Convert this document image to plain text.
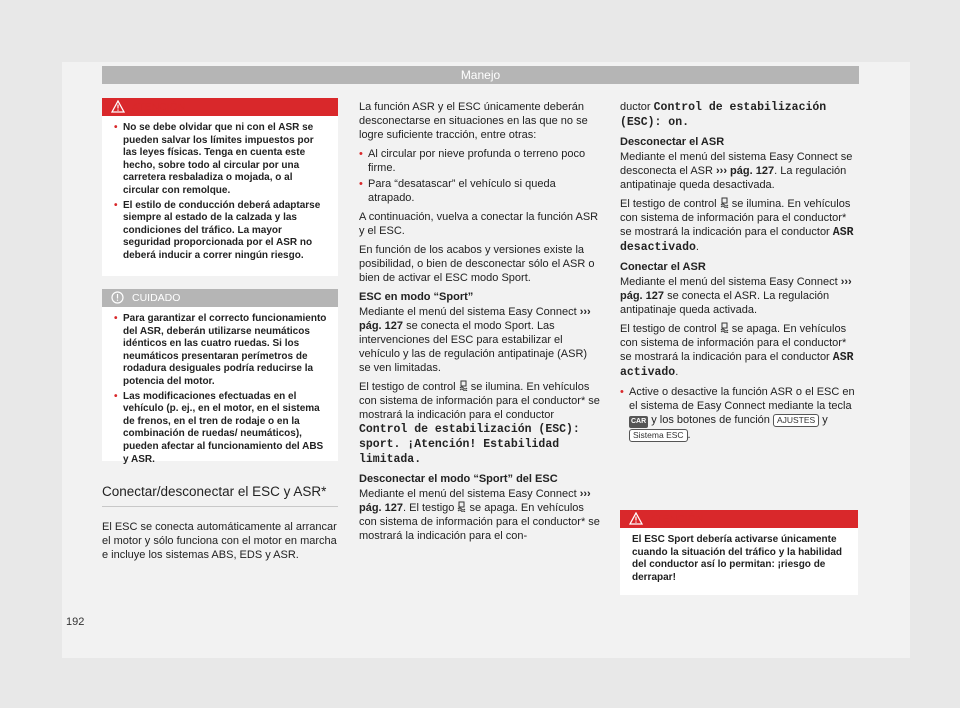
Manejo
ATENCIÓN
• No se debe olvidar que ni con el ASR se pueden salvar los límites impuestos por las leyes físicas. Tenga en cuenta este hecho, sobre todo al circular por una carretera resbaladiza o mojada, o al circular con remolque.
• El estilo de conducción deberá adaptarse siempre al estado de la calzada y las condiciones del tráfico. La mayor seguridad proporcionada por el ASR no deberá inducir a correr ningún riesgo.
CUIDADO
• Para garantizar el correcto funcionamiento del ASR, deberán utilizarse neumáticos idénticos en las cuatro ruedas. Si los neumáticos presentaran perímetros de rodadura desiguales podría reducirse la potencia del motor.
• Las modificaciones efectuadas en el vehículo (p. ej., en el motor, en el sistema de frenos, en el tren de rodaje o en la combinación de ruedas/ neumáticos), pueden afectar al funcionamiento del ABS y ASR.
Conectar/desconectar el ESC y ASR*
El ESC se conecta automáticamente al arrancar el motor y sólo funciona con el motor en marcha e incluye los sistemas ABS, EDS y ASR.

La función ASR y el ESC únicamente deberán desconectarse en situaciones en las que no se logre suficiente tracción, entre otras:

• Al circular por nieve profunda o terreno poco firme.
• Para “desatascar” el vehículo si queda atrapado.

A continuación, vuelva a conectar la función ASR y el ESC.

En función de los acabos y versiones existe la posibilidad, o bien de desconectar sólo el ASR o bien de activar el ESC modo Sport.

ESC en modo “Sport”

Mediante el menú del sistema Easy Connect ››› pág. 127 se conecta el modo Sport. Las intervenciones del ESC para estabilizar el vehículo y las de regulación antipatinaje (ASR) se ven limitadas.

El testigo de control se ilumina. En vehículos con sistema de información para el conductor* se mostrará la indicación para el conductor Control de estabilización (ESC): sport. ¡Atención! Estabilidad limitada.

Desconectar el modo “Sport” del ESC

Mediante el menú del sistema Easy Connect ››› pág. 127. El testigo se apaga. En vehículos con sistema de información para el conductor* se mostrará la indicación para el con-

ductor Control de estabilización (ESC): on.

Desconectar el ASR

Mediante el menú del sistema Easy Connect se desconecta el ASR ››› pág. 127. La regulación antipatinaje queda desactivada.

El testigo de control se ilumina. En vehículos con sistema de información para el conductor* se mostrará la indicación para el conductor ASR desactivado.

Conectar el ASR

Mediante el menú del sistema Easy Connect ››› pág. 127 se conecta el ASR. La regulación antipatinaje queda activada.

El testigo de control se apaga. En vehículos con sistema de información para el conductor* se mostrará la indicación para el conductor ASR activado.

• Active o desactive la función ASR o el ESC en el sistema de Easy Connect mediante la tecla CAR y los botones de función AJUSTES y Sistema ESC .
ATENCIÓN
El ESC Sport debería activarse únicamente cuando la situación del tráfico y la habilidad del conductor así lo permitan: ¡riesgo de derrapar!
192
